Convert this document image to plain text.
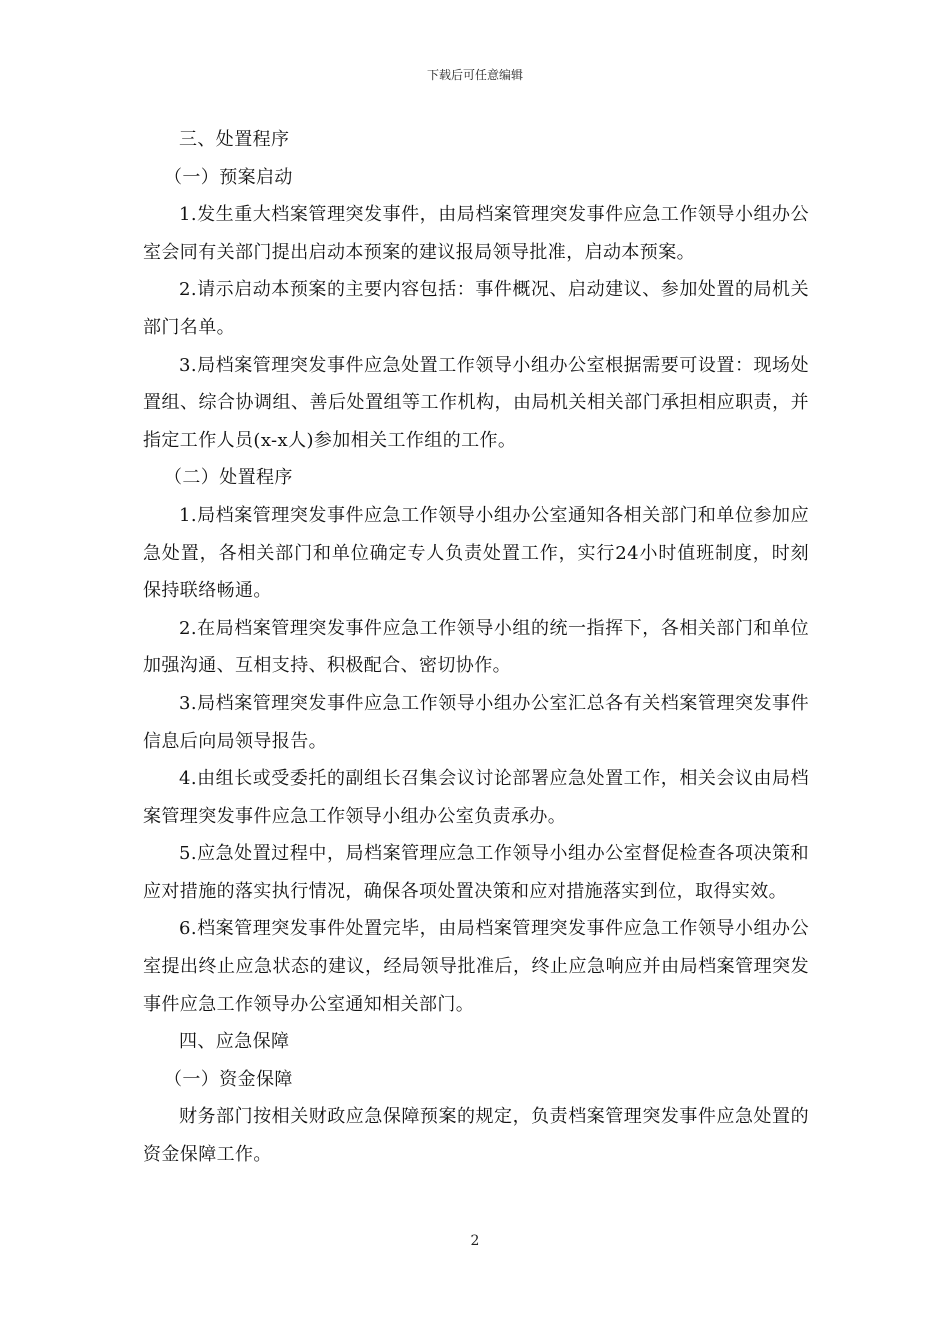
下载后可任意编辑

三、处置程序

（一）预案启动

1.发生重大档案管理突发事件，由局档案管理突发事件应急工作领导小组办公室会同有关部门提出启动本预案的建议报局领导批准，启动本预案。

2.请示启动本预案的主要内容包括：事件概况、启动建议、参加处置的局机关部门名单。

3.局档案管理突发事件应急处置工作领导小组办公室根据需要可设置：现场处置组、综合协调组、善后处置组等工作机构，由局机关相关部门承担相应职责，并指定工作人员(x-x人)参加相关工作组的工作。

（二）处置程序

1.局档案管理突发事件应急工作领导小组办公室通知各相关部门和单位参加应急处置，各相关部门和单位确定专人负责处置工作，实行24小时值班制度，时刻保持联络畅通。

2.在局档案管理突发事件应急工作领导小组的统一指挥下，各相关部门和单位加强沟通、互相支持、积极配合、密切协作。

3.局档案管理突发事件应急工作领导小组办公室汇总各有关档案管理突发事件信息后向局领导报告。

4.由组长或受委托的副组长召集会议讨论部署应急处置工作，相关会议由局档案管理突发事件应急工作领导小组办公室负责承办。

5.应急处置过程中，局档案管理应急工作领导小组办公室督促检查各项决策和应对措施的落实执行情况，确保各项处置决策和应对措施落实到位，取得实效。

6.档案管理突发事件处置完毕，由局档案管理突发事件应急工作领导小组办公室提出终止应急状态的建议，经局领导批准后，终止应急响应并由局档案管理突发事件应急工作领导办公室通知相关部门。

四、应急保障

（一）资金保障

财务部门按相关财政应急保障预案的规定，负责档案管理突发事件应急处置的资金保障工作。

2
